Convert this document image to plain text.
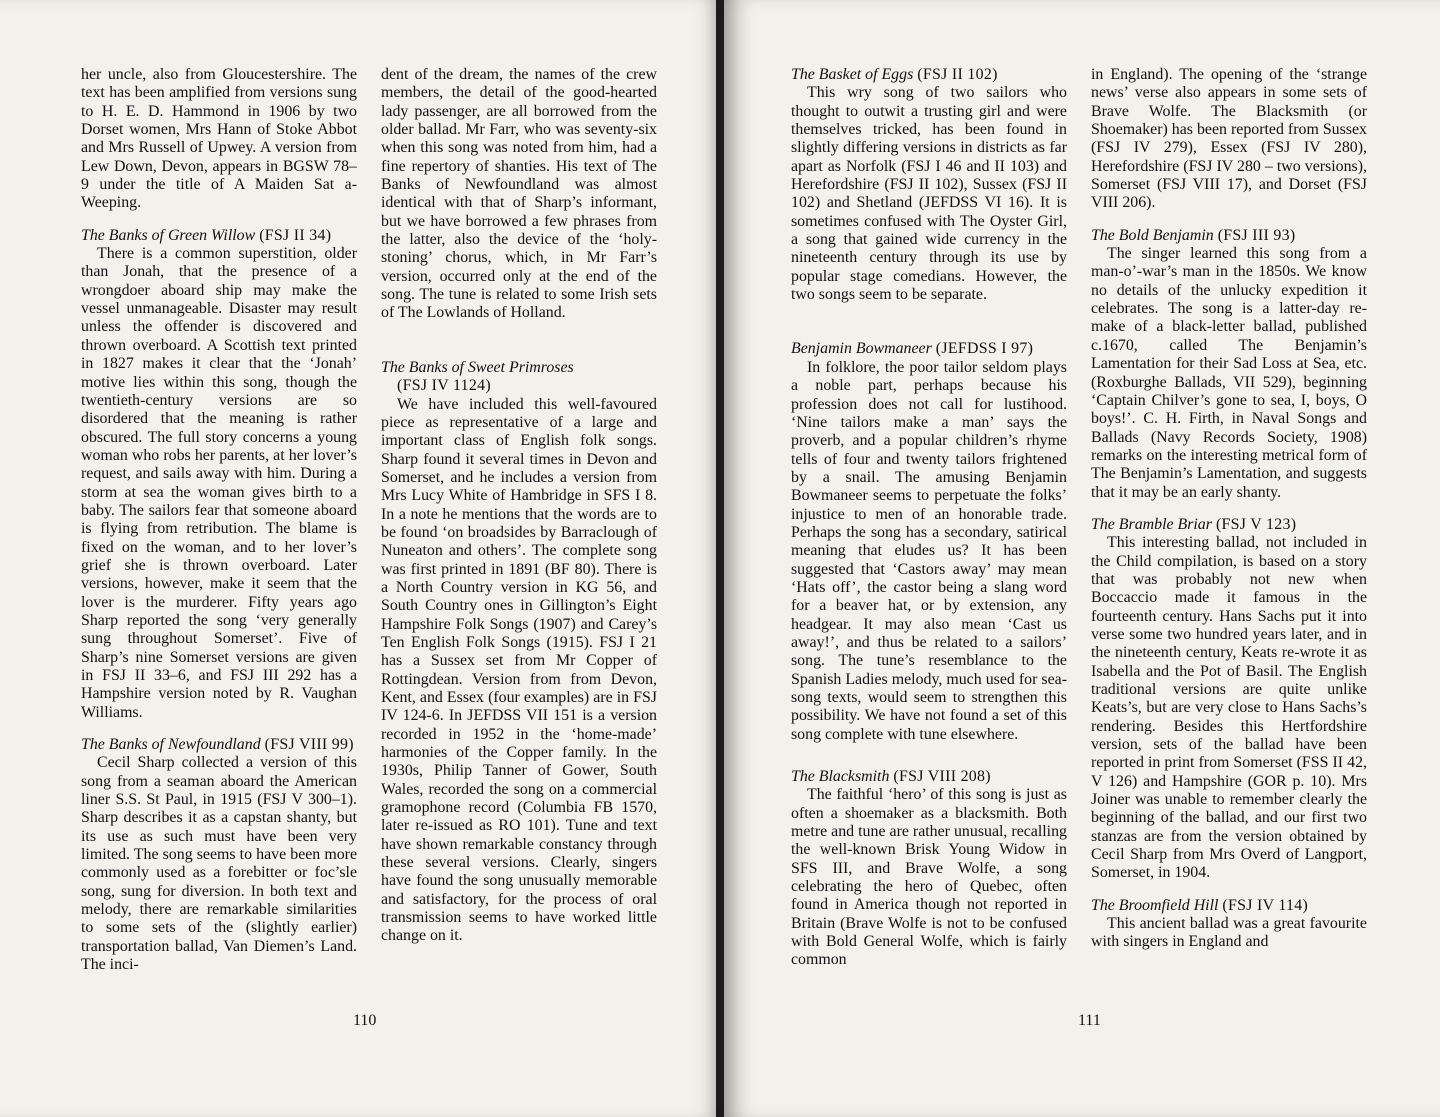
her uncle, also from Gloucestershire. The text has been amplified from versions sung to H. E. D. Hammond in 1906 by two Dorset women, Mrs Hann of Stoke Abbot and Mrs Russell of Upwey. A version from Lew Down, Devon, appears in BGSW 78–9 under the title of A Maiden Sat a-Weeping.

The Banks of Green Willow (FSJ II 34)

There is a common superstition, older than Jonah, that the presence of a wrongdoer aboard ship may make the vessel unmanageable. Disaster may result unless the offender is discovered and thrown overboard. A Scottish text printed in 1827 makes it clear that the ‘Jonah’ motive lies within this song, though the twentieth-century versions are so disordered that the meaning is rather obscured. The full story concerns a young woman who robs her parents, at her lover’s request, and sails away with him. During a storm at sea the woman gives birth to a baby. The sailors fear that someone aboard is flying from retribution. The blame is fixed on the woman, and to her lover’s grief she is thrown overboard. Later versions, however, make it seem that the lover is the murderer. Fifty years ago Sharp reported the song ‘very generally sung throughout Somerset’. Five of Sharp’s nine Somerset versions are given in FSJ II 33–6, and FSJ III 292 has a Hampshire version noted by R. Vaughan Williams.

The Banks of Newfoundland (FSJ VIII 99)

Cecil Sharp collected a version of this song from a seaman aboard the American liner S.S. St Paul, in 1915 (FSJ V 300–1). Sharp describes it as a capstan shanty, but its use as such must have been very limited. The song seems to have been more commonly used as a forebitter or foc’sle song, sung for diversion. In both text and melody, there are remarkable similarities to some sets of the (slightly earlier) transportation ballad, Van Diemen’s Land. The inci-

dent of the dream, the names of the crew members, the detail of the good-hearted lady passenger, are all borrowed from the older ballad. Mr Farr, who was seventy-six when this song was noted from him, had a fine repertory of shanties. His text of The Banks of Newfoundland was almost identical with that of Sharp’s informant, but we have borrowed a few phrases from the latter, also the device of the ‘holy-stoning’ chorus, which, in Mr Farr’s version, occurred only at the end of the song. The tune is related to some Irish sets of The Lowlands of Holland.

The Banks of Sweet Primroses
(FSJ IV 1124)

We have included this well-favoured piece as representative of a large and important class of English folk songs. Sharp found it several times in Devon and Somerset, and he includes a version from Mrs Lucy White of Hambridge in SFS I 8. In a note he mentions that the words are to be found ‘on broadsides by Barraclough of Nuneaton and others’. The complete song was first printed in 1891 (BF 80). There is a North Country version in KG 56, and South Country ones in Gillington’s Eight Hampshire Folk Songs (1907) and Carey’s Ten English Folk Songs (1915). FSJ I 21 has a Sussex set from Mr Copper of Rottingdean. Version from from Devon, Kent, and Essex (four examples) are in FSJ IV 124-6. In JEFDSS VII 151 is a version recorded in 1952 in the ‘home-made’ harmonies of the Copper family. In the 1930s, Philip Tanner of Gower, South Wales, recorded the song on a commercial gramophone record (Columbia FB 1570, later re-issued as RO 101). Tune and text have shown remarkable constancy through these several versions. Clearly, singers have found the song unusually memorable and satisfactory, for the process of oral transmission seems to have worked little change on it.

110
The Basket of Eggs (FSJ II 102)

This wry song of two sailors who thought to outwit a trusting girl and were themselves tricked, has been found in slightly differing versions in districts as far apart as Norfolk (FSJ I 46 and II 103) and Herefordshire (FSJ II 102), Sussex (FSJ II 102) and Shetland (JEFDSS VI 16). It is sometimes confused with The Oyster Girl, a song that gained wide currency in the nineteenth century through its use by popular stage comedians. However, the two songs seem to be separate.

Benjamin Bowmaneer (JEFDSS I 97)

In folklore, the poor tailor seldom plays a noble part, perhaps because his profession does not call for lustihood. ‘Nine tailors make a man’ says the proverb, and a popular children’s rhyme tells of four and twenty tailors frightened by a snail. The amusing Benjamin Bowmaneer seems to perpetuate the folks’ injustice to men of an honorable trade. Perhaps the song has a secondary, satirical meaning that eludes us? It has been suggested that ‘Castors away’ may mean ‘Hats off’, the castor being a slang word for a beaver hat, or by extension, any headgear. It may also mean ‘Cast us away!’, and thus be related to a sailors’ song. The tune’s resemblance to the Spanish Ladies melody, much used for sea-song texts, would seem to strengthen this possibility. We have not found a set of this song complete with tune elsewhere.

The Blacksmith (FSJ VIII 208)

The faithful ‘hero’ of this song is just as often a shoemaker as a blacksmith. Both metre and tune are rather unusual, recalling the well-known Brisk Young Widow in SFS III, and Brave Wolfe, a song celebrating the hero of Quebec, often found in America though not reported in Britain (Brave Wolfe is not to be confused with Bold General Wolfe, which is fairly common

in England). The opening of the ‘strange news’ verse also appears in some sets of Brave Wolfe. The Blacksmith (or Shoemaker) has been reported from Sussex (FSJ IV 279), Essex (FSJ IV 280), Herefordshire (FSJ IV 280 – two versions), Somerset (FSJ VIII 17), and Dorset (FSJ VIII 206).

The Bold Benjamin (FSJ III 93)

The singer learned this song from a man-o’-war’s man in the 1850s. We know no details of the unlucky expedition it celebrates. The song is a latter-day re-make of a black-letter ballad, published c.1670, called The Benjamin’s Lamentation for their Sad Loss at Sea, etc. (Roxburghe Ballads, VII 529), beginning ‘Captain Chilver’s gone to sea, I, boys, O boys!’. C. H. Firth, in Naval Songs and Ballads (Navy Records Society, 1908) remarks on the interesting metrical form of The Benjamin’s Lamentation, and suggests that it may be an early shanty.

The Bramble Briar (FSJ V 123)

This interesting ballad, not included in the Child compilation, is based on a story that was probably not new when Boccaccio made it famous in the fourteenth century. Hans Sachs put it into verse some two hundred years later, and in the nineteenth century, Keats re-wrote it as Isabella and the Pot of Basil. The English traditional versions are quite unlike Keats’s, but are very close to Hans Sachs’s rendering. Besides this Hertfordshire version, sets of the ballad have been reported in print from Somerset (FSS II 42, V 126) and Hampshire (GOR p. 10). Mrs Joiner was unable to remember clearly the beginning of the ballad, and our first two stanzas are from the version obtained by Cecil Sharp from Mrs Overd of Langport, Somerset, in 1904.

The Broomfield Hill (FSJ IV 114)

This ancient ballad was a great favourite with singers in England and

111
